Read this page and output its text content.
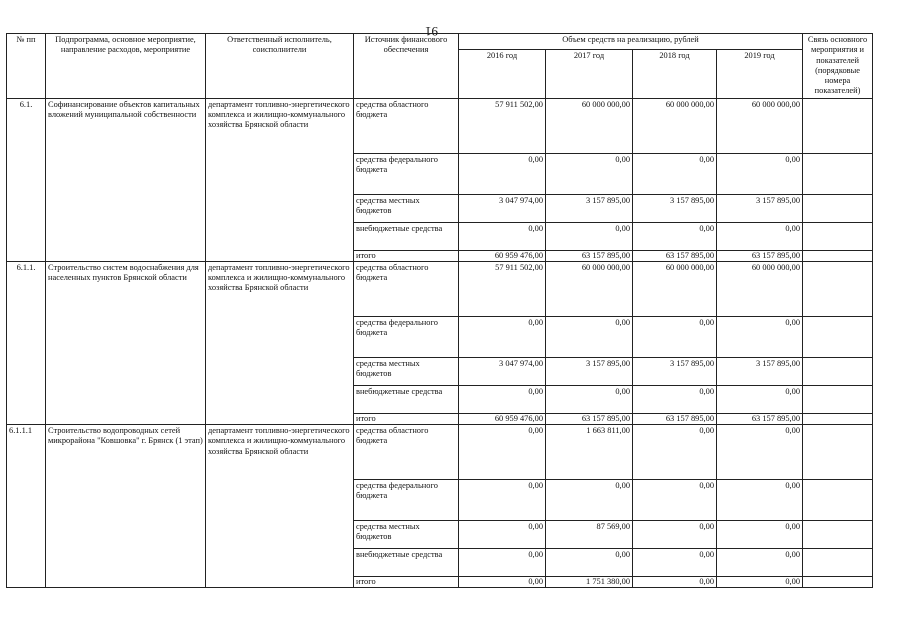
91
№ пп	Подпрограмма, основное мероприятие, направление расходов, мероприятие	Ответственный исполнитель, соисполнители	Источник финансового обеспечения	Объем средств на реализацию, рублей				Связь основного мероприятия и показателей (порядковые номера показателей)
				2016 год	2017 год	2018 год	2019 год	
6.1.	Софинансирование объектов капитальных вложений муниципальной собственности	департамент топливно-энергетического комплекса и жилищно-коммунального хозяйства Брянской области	средства областного бюджета	57 911 502,00	60 000 000,00	60 000 000,00	60 000 000,00	
			средства федерального бюджета	0,00	0,00	0,00	0,00	
			средства местных бюджетов	3 047 974,00	3 157 895,00	3 157 895,00	3 157 895,00	
			внебюджетные средства	0,00	0,00	0,00	0,00	
			итого	60 959 476,00	63 157 895,00	63 157 895,00	63 157 895,00	
6.1.1.	Строительство систем водоснабжения для населенных пунктов Брянской области	департамент топливно-энергетического комплекса и жилищно-коммунального хозяйства Брянской области	средства областного бюджета	57 911 502,00	60 000 000,00	60 000 000,00	60 000 000,00	
			средства федерального бюджета	0,00	0,00	0,00	0,00	
			средства местных бюджетов	3 047 974,00	3 157 895,00	3 157 895,00	3 157 895,00	
			внебюджетные средства	0,00	0,00	0,00	0,00	
			итого	60 959 476,00	63 157 895,00	63 157 895,00	63 157 895,00	
6.1.1.1	Строительство водопроводных сетей микрорайона "Ковшовка" г. Брянск (1 этап)	департамент топливно-энергетического комплекса и жилищно-коммунального хозяйства Брянской области	средства областного бюджета	0,00	1 663 811,00	0,00	0,00	
			средства федерального бюджета	0,00	0,00	0,00	0,00	
			средства местных бюджетов	0,00	87 569,00	0,00	0,00	
			внебюджетные средства	0,00	0,00	0,00	0,00	
			итого	0,00	1 751 380,00	0,00	0,00	
